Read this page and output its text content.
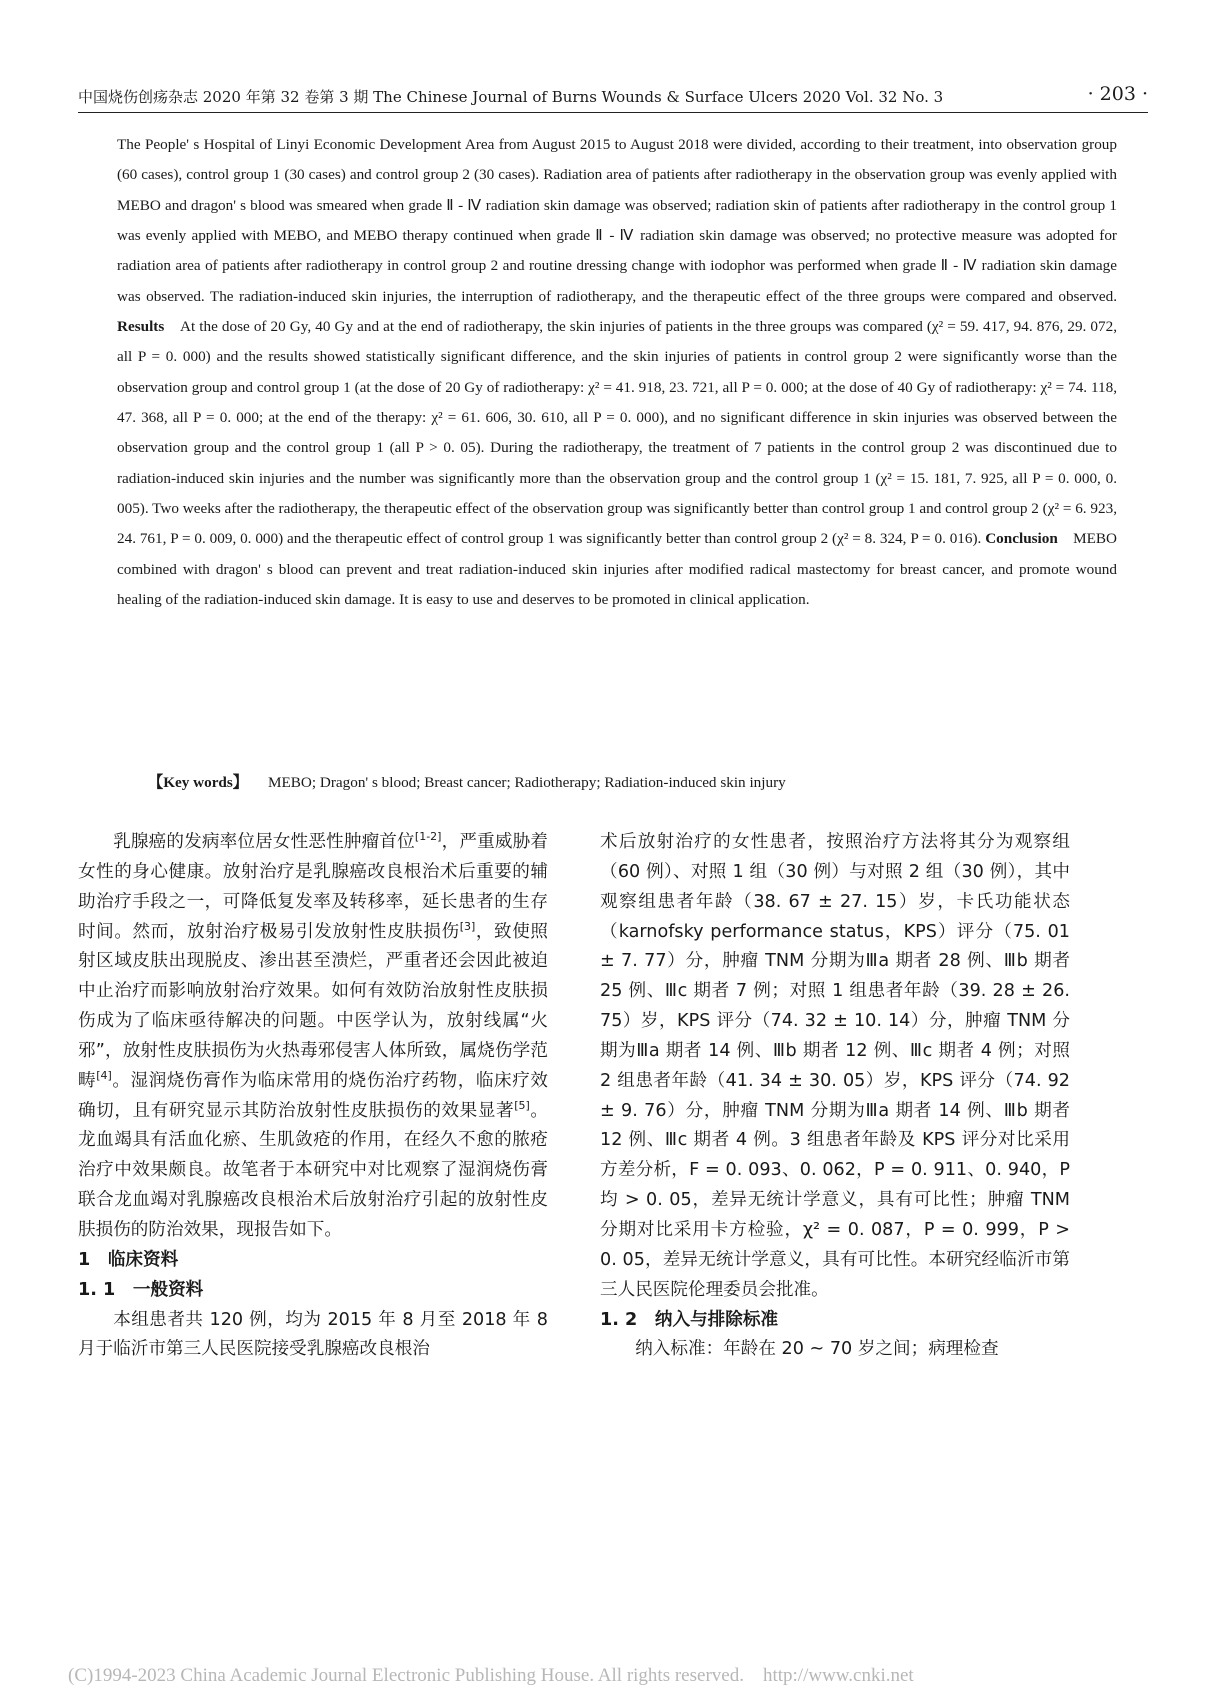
中国烧伤创疡杂志 2020 年第 32 卷第 3 期 The Chinese Journal of Burns Wounds & Surface Ulcers 2020 Vol. 32 No. 3	· 203 ·
The People' s Hospital of Linyi Economic Development Area from August 2015 to August 2018 were divided, according to their treatment, into observation group (60 cases), control group 1 (30 cases) and control group 2 (30 cases). Radiation area of patients after radiotherapy in the observation group was evenly applied with MEBO and dragon' s blood was smeared when grade Ⅱ - Ⅳ radiation skin damage was observed; radiation skin of patients after radiotherapy in the control group 1 was evenly applied with MEBO, and MEBO therapy continued when grade Ⅱ - Ⅳ radiation skin damage was observed; no protective measure was adopted for radiation area of patients after radiotherapy in control group 2 and routine dressing change with iodophor was performed when grade Ⅱ - Ⅳ radiation skin damage was observed. The radiation-induced skin injuries, the interruption of radiotherapy, and the therapeutic effect of the three groups were compared and observed. Results　 At the dose of 20 Gy, 40 Gy and at the end of radiotherapy, the skin injuries of patients in the three groups was compared (χ² = 59. 417, 94. 876, 29. 072, all P = 0. 000) and the results showed statistically significant difference, and the skin injuries of patients in control group 2 were significantly worse than the observation group and control group 1 (at the dose of 20 Gy of radiotherapy: χ² = 41. 918, 23. 721, all P = 0. 000; at the dose of 40 Gy of radiotherapy: χ² = 74. 118, 47. 368, all P = 0. 000; at the end of the therapy: χ² = 61. 606, 30. 610, all P = 0. 000), and no significant difference in skin injuries was observed between the observation group and the control group 1 (all P > 0. 05). During the radiotherapy, the treatment of 7 patients in the control group 2 was discontinued due to radiation-induced skin injuries and the number was significantly more than the observation group and the control group 1 (χ² = 15. 181, 7. 925, all P = 0. 000, 0. 005). Two weeks after the radiotherapy, the therapeutic effect of the observation group was significantly better than control group 1 and control group 2 (χ² = 6. 923, 24. 761, P = 0. 009, 0. 000) and the therapeutic effect of control group 1 was significantly better than control group 2 (χ² = 8. 324, P = 0. 016). Conclusion　 MEBO combined with dragon' s blood can prevent and treat radiation-induced skin injuries after modified radical mastectomy for breast cancer, and promote wound healing of the radiation-induced skin damage. It is easy to use and deserves to be promoted in clinical application.
【Key words】 MEBO; Dragon' s blood; Breast cancer; Radiotherapy; Radiation-induced skin injury

乳腺癌的发病率位居女性恶性肿瘤首位[1-2]，严重威胁着女性的身心健康。放射治疗是乳腺癌改良根治术后重要的辅助治疗手段之一，可降低复发率及转移率，延长患者的生存时间。然而，放射治疗极易引发放射性皮肤损伤[3]，致使照射区域皮肤出现脱皮、渗出甚至溃烂，严重者还会因此被迫中止治疗而影响放射治疗效果。如何有效防治放射性皮肤损伤成为了临床亟待解决的问题。中医学认为，放射线属“火邪”，放射性皮肤损伤为火热毒邪侵害人体所致，属烧伤学范畴[4]。湿润烧伤膏作为临床常用的烧伤治疗药物，临床疗效确切，且有研究显示其防治放射性皮肤损伤的效果显著[5]。龙血竭具有活血化瘀、生肌敛疮的作用，在经久不愈的脓疮治疗中效果颇良。故笔者于本研究中对比观察了湿润烧伤膏联合龙血竭对乳腺癌改良根治术后放射治疗引起的放射性皮肤损伤的防治效果，现报告如下。

1　临床资料

1. 1　一般资料

本组患者共 120 例，均为 2015 年 8 月至 2018 年 8 月于临沂市第三人民医院接受乳腺癌改良根治

术后放射治疗的女性患者，按照治疗方法将其分为观察组（60 例）、对照 1 组（30 例）与对照 2 组（30 例），其中观察组患者年龄（38. 67 ± 27. 15）岁，卡氏功能状态（karnofsky performance status，KPS）评分（75. 01 ± 7. 77）分，肿瘤 TNM 分期为Ⅲa 期者 28 例、Ⅲb 期者 25 例、Ⅲc 期者 7 例；对照 1 组患者年龄（39. 28 ± 26. 75）岁，KPS 评分（74. 32 ± 10. 14）分，肿瘤 TNM 分期为Ⅲa 期者 14 例、Ⅲb 期者 12 例、Ⅲc 期者 4 例；对照 2 组患者年龄（41. 34 ± 30. 05）岁，KPS 评分（74. 92 ± 9. 76）分，肿瘤 TNM 分期为Ⅲa 期者 14 例、Ⅲb 期者 12 例、Ⅲc 期者 4 例。3 组患者年龄及 KPS 评分对比采用方差分析，F = 0. 093、0. 062，P = 0. 911、0. 940，P 均 > 0. 05，差异无统计学意义，具有可比性；肿瘤 TNM 分期对比采用卡方检验，χ² = 0. 087，P = 0. 999，P > 0. 05，差异无统计学意义，具有可比性。本研究经临沂市第三人民医院伦理委员会批准。

1. 2　纳入与排除标准

纳入标准：年龄在 20 ~ 70 岁之间；病理检查

(C)1994-2023 China Academic Journal Electronic Publishing House. All rights reserved.　http://www.cnki.net
